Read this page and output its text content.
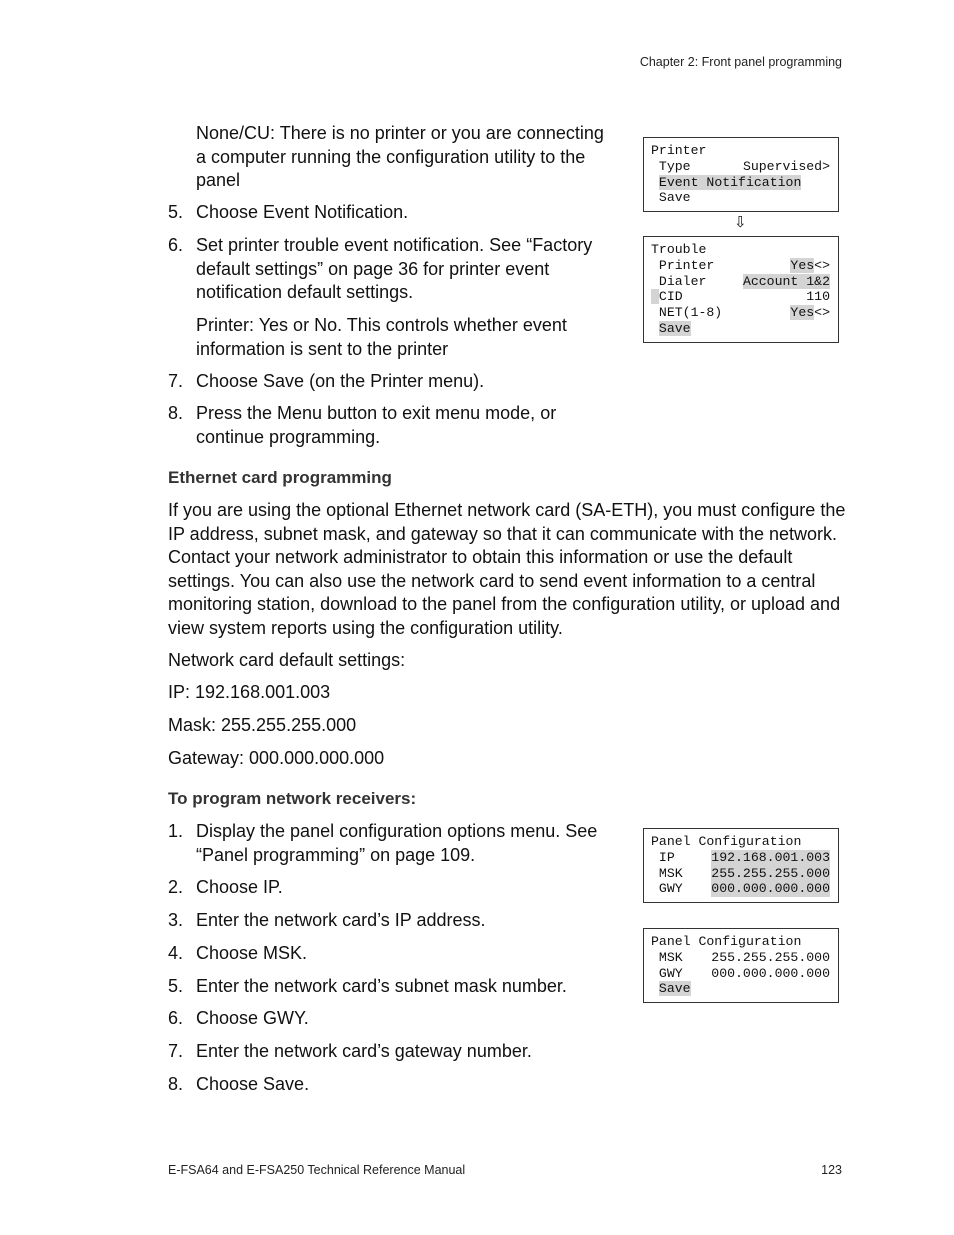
Chapter 2: Front panel programming
None/CU: There is no printer or you are connecting a computer running the configuration utility to the panel
5. Choose Event Notification.
6. Set printer trouble event notification. See “Factory default settings” on page 36 for printer event notification default settings.
Printer: Yes or No. This controls whether event information is sent to the printer
7. Choose Save (on the Printer menu).
8. Press the Menu button to exit menu mode, or continue programming.
Ethernet card programming
If you are using the optional Ethernet network card (SA-ETH), you must configure the IP address, subnet mask, and gateway so that it can communicate with the network. Contact your network administrator to obtain this information or use the default settings. You can also use the network card to send event information to a central monitoring station, download to the panel from the configuration utility, or upload and view system reports using the configuration utility.
Network card default settings:
IP: 192.168.001.003
Mask: 255.255.255.000
Gateway: 000.000.000.000
To program network receivers:
1. Display the panel configuration options menu. See “Panel programming” on page 109.
2. Choose IP.
3. Enter the network card’s IP address.
4. Choose MSK.
5. Enter the network card’s subnet mask number.
6. Choose GWY.
7. Enter the network card’s gateway number.
8. Choose Save.
Printer
Type	Supervised>
Event Notification
Save
⇩
Trouble
Printer	Yes<>
Dialer	Account 1&2
CID	110
NET(1-8)	Yes<>
Save
Panel Configuration
IP	192.168.001.003
MSK 255.255.255.000
GWY 000.000.000.000
Panel Configuration
MSK 255.255.255.000
GWY 000.000.000.000
Save
E-FSA64 and E-FSA250 Technical Reference Manual	123
